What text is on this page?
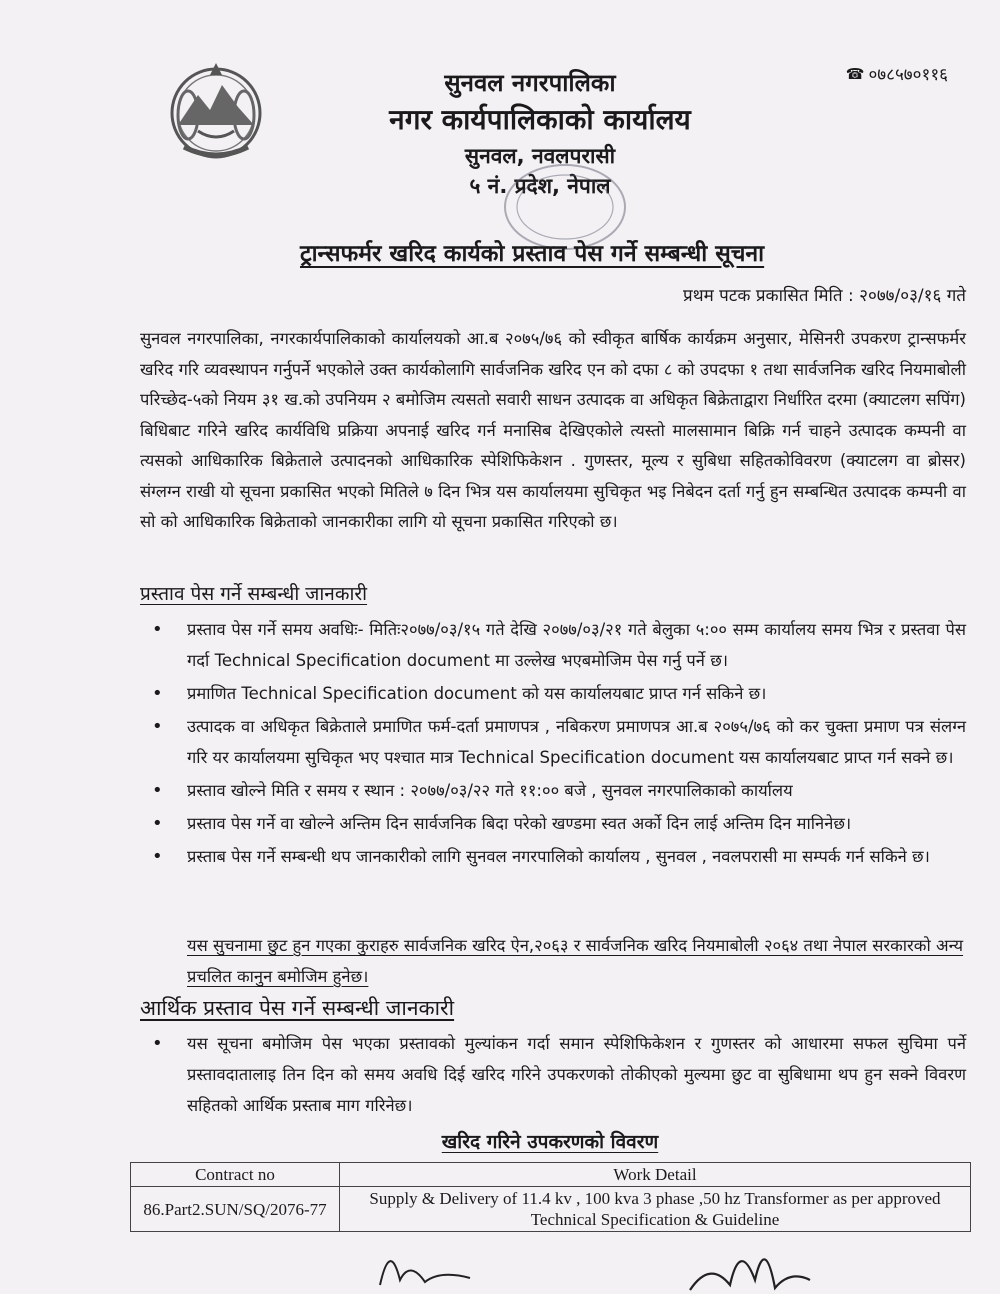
☎ ०७८५७०११६
सुनवल नगरपालिका
नगर कार्यपालिकाको कार्यालय
सुनवल, नवलपरासी
५ नं. प्रदेश, नेपाल
ट्रान्सफर्मर खरिद कार्यको प्रस्ताव पेस गर्ने सम्बन्धी सूचना
प्रथम पटक प्रकासित मिति : २०७७/०३/१६ गते
सुनवल नगरपालिका, नगरकार्यपालिकाको कार्यालयको आ.ब २०७५/७६ को स्वीकृत बार्षिक कार्यक्रम अनुसार, मेसिनरी उपकरण ट्रान्सफर्मर खरिद गरि व्यवस्थापन गर्नुपर्ने भएकोले उक्त कार्यकोलागि सार्वजनिक खरिद एन को दफा ८ को उपदफा १ तथा सार्वजनिक खरिद नियमाबोली परिच्छेद-५को नियम ३१ ख.को उपनियम २ बमोजिम त्यसतो सवारी साधन उत्पादक वा अधिकृत बिक्रेताद्वारा निर्धारित दरमा (क्याटलग सपिंग) बिधिबाट गरिने खरिद कार्यविधि प्रक्रिया अपनाई खरिद गर्न मनासिब देखिएकोले त्यस्तो मालसामान बिक्रि गर्न चाहने उत्पादक कम्पनी वा त्यसको आधिकारिक बिक्रेताले उत्पादनको आधिकारिक स्पेशिफिकेशन . गुणस्तर, मूल्य र सुबिधा सहितकोविवरण (क्याटलग वा ब्रोसर) संग्लग्न राखी यो सूचना प्रकासित भएको मितिले ७ दिन भित्र यस कार्यालयमा सुचिकृत भइ निबेदन दर्ता गर्नु हुन सम्बन्धित उत्पादक कम्पनी वा सो को आधिकारिक बिक्रेताको जानकारीका लागि यो सूचना प्रकासित गरिएको छ।
प्रस्ताव पेस गर्ने सम्बन्धी जानकारी
• प्रस्ताव पेस गर्ने समय अवधिः- मितिः२०७७/०३/१५ गते देखि २०७७/०३/२१ गते बेलुका ५:०० सम्म कार्यालय समय भित्र र प्रस्तवा पेस गर्दा Technical Specification document मा उल्लेख भएबमोजिम पेस गर्नु पर्ने छ।
• प्रमाणित Technical Specification document को यस कार्यालयबाट प्राप्त गर्न सकिने छ।
• उत्पादक वा अधिकृत बिक्रेताले प्रमाणित फर्म-दर्ता प्रमाणपत्र , नबिकरण प्रमाणपत्र आ.ब २०७५/७६ को कर चुक्ता प्रमाण पत्र संलग्न गरि यर कार्यालयमा सुचिकृत भए पश्चात मात्र Technical Specification document यस कार्यालयबाट प्राप्त गर्न सक्ने छ।
• प्रस्ताव खोल्ने मिति र समय र स्थान : २०७७/०३/२२ गते ११:०० बजे , सुनवल नगरपालिकाको कार्यालय
• प्रस्ताव पेस गर्ने वा खोल्ने अन्तिम दिन सार्वजनिक बिदा परेको खण्डमा स्वत अर्को दिन लाई अन्तिम दिन मानिनेछ।
• प्रस्ताब पेस गर्ने सम्बन्धी थप जानकारीको लागि सुनवल नगरपालिको कार्यालय , सुनवल , नवलपरासी मा सम्पर्क गर्न सकिने छ।
यस सुचनामा छुट हुन गएका कुराहरु सार्वजनिक खरिद ऐन,२०६३ र सार्वजनिक खरिद नियमाबोली २०६४ तथा नेपाल सरकारको अन्य प्रचलित कानुन बमोजिम हुनेछ।
आर्थिक प्रस्ताव पेस गर्ने सम्बन्धी जानकारी
• यस सूचना बमोजिम पेस भएका प्रस्तावको मुल्यांकन गर्दा समान स्पेशिफिकेशन र गुणस्तर को आधारमा सफल सुचिमा पर्ने प्रस्तावदातालाइ तिन दिन को समय अवधि दिई खरिद गरिने उपकरणको तोकीएको मुल्यमा छुट वा सुबिधामा थप हुन सक्ने विवरण सहितको आर्थिक प्रस्ताब माग गरिनेछ।
खरिद गरिने उपकरणको विवरण
Contract no	Work Detail
86.Part2.SUN/SQ/2076-77	Supply & Delivery of 11.4 kv , 100 kva 3 phase ,50 hz Transformer as per approved Technical Specification & Guideline
